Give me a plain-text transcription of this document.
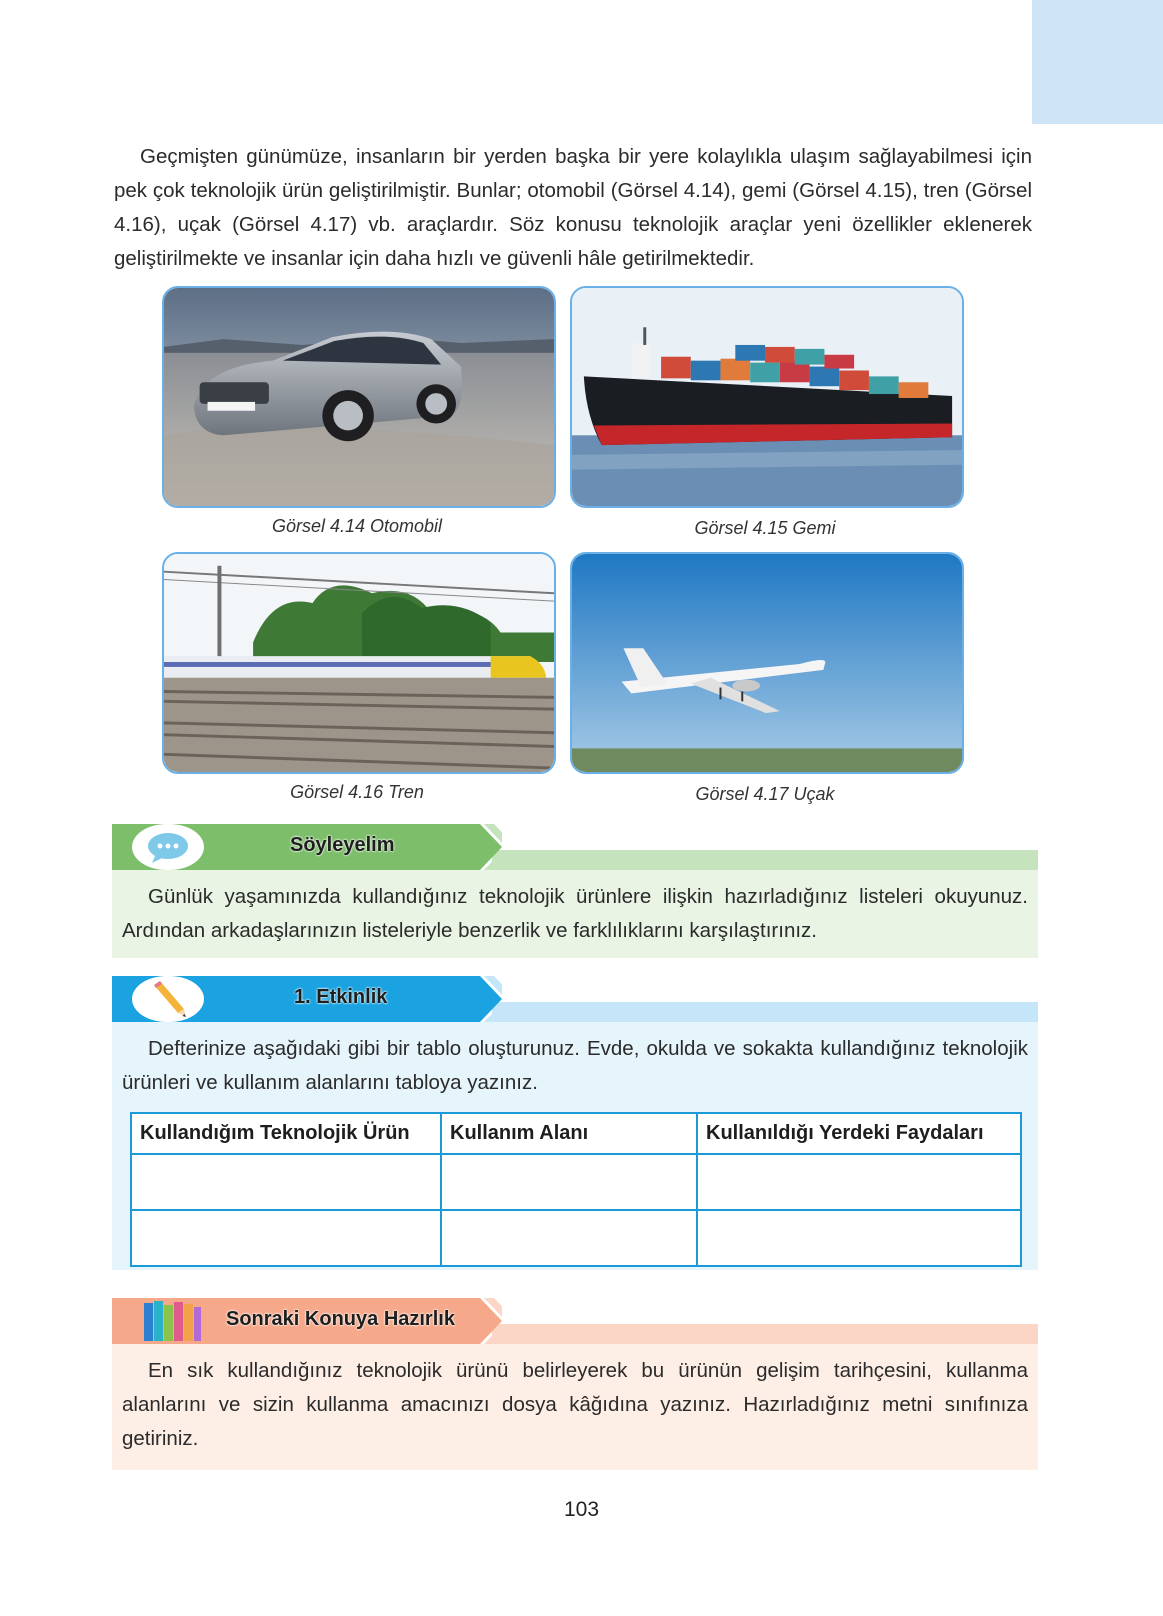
Geçmişten günümüze, insanların bir yerden başka bir yere kolaylıkla ulaşım sağlayabilmesi için pek çok teknolojik ürün geliştirilmiştir. Bunlar; otomobil (Görsel 4.14), gemi (Görsel 4.15), tren (Görsel 4.16), uçak (Görsel 4.17) vb. araçlardır. Söz konusu teknolojik araçlar yeni özellikler eklenerek geliştirilmekte ve insanlar için daha hızlı ve güvenli hâle getirilmektedir.

Görsel 4.14 Otomobil	Görsel 4.15 Gemi
Görsel 4.16 Tren	Görsel 4.17 Uçak
Söyleyelim
Günlük yaşamınızda kullandığınız teknolojik ürünlere ilişkin hazırladığınız listeleri okuyunuz. Ardından arkadaşlarınızın listeleriyle benzerlik ve farklılıklarını karşılaştırınız.
1. Etkinlik
Defterinize aşağıdaki gibi bir tablo oluşturunuz. Evde, okulda ve sokakta kullandığınız teknolojik ürünleri ve kullanım alanlarını tabloya yazınız.
Kullandığım Teknolojik Ürün	Kullanım Alanı	Kullanıldığı Yerdeki Faydaları

Sonraki Konuya Hazırlık
En sık kullandığınız teknolojik ürünü belirleyerek bu ürünün gelişim tarihçesini, kullanma alanlarını ve sizin kullanma amacınızı dosya kâğıdına yazınız. Hazırladığınız metni sınıfınıza getiriniz.
103
